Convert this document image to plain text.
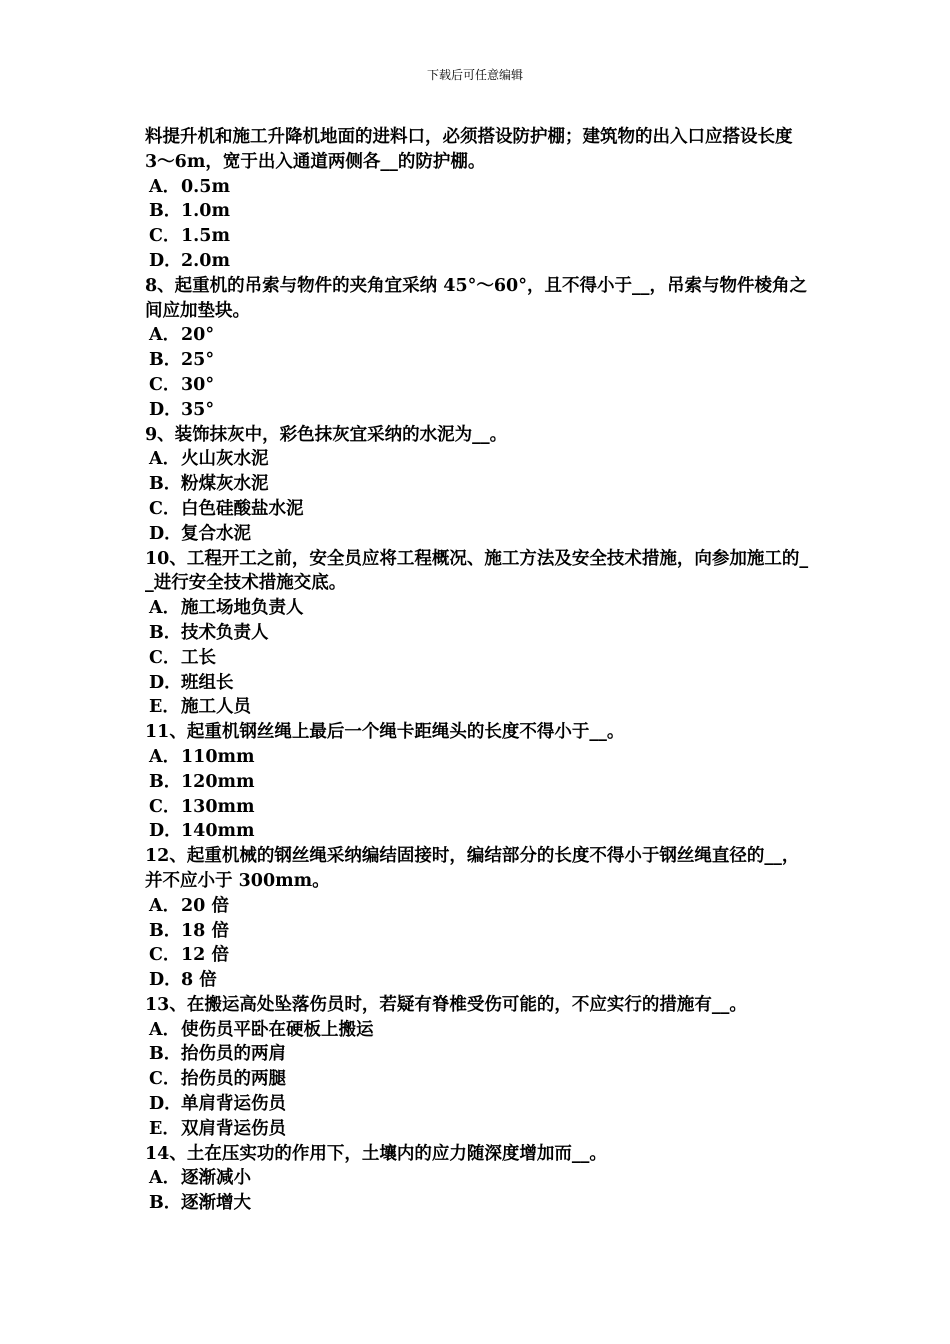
下载后可任意编辑
料提升机和施工升降机地面的进料口，必须搭设防护棚；建筑物的出入口应搭设长度 3～6m，宽于出入通道两侧各__的防护棚。
A．0.5m
B．1.0m
C．1.5m
D．2.0m
8、起重机的吊索与物件的夹角宜采纳 45°～60°，且不得小于__，吊索与物件棱角之间应加垫块。
A．20°
B．25°
C．30°
D．35°
9、装饰抹灰中，彩色抹灰宜采纳的水泥为__。
A．火山灰水泥
B．粉煤灰水泥
C．白色硅酸盐水泥
D．复合水泥
10、工程开工之前，安全员应将工程概况、施工方法及安全技术措施，向参加施工的__进行安全技术措施交底。
A．施工场地负责人
B．技术负责人
C．工长
D．班组长
E．施工人员
11、起重机钢丝绳上最后一个绳卡距绳头的长度不得小于__。
A．110mm
B．120mm
C．130mm
D．140mm
12、起重机械的钢丝绳采纳编结固接时，编结部分的长度不得小于钢丝绳直径的__，并不应小于 300mm。
A．20 倍
B．18 倍
C．12 倍
D．8 倍
13、在搬运高处坠落伤员时，若疑有脊椎受伤可能的，不应实行的措施有__。
A．使伤员平卧在硬板上搬运
B．抬伤员的两肩
C．抬伤员的两腿
D．单肩背运伤员
E．双肩背运伤员
14、土在压实功的作用下，土壤内的应力随深度增加而__。
A．逐渐减小
B．逐渐增大
